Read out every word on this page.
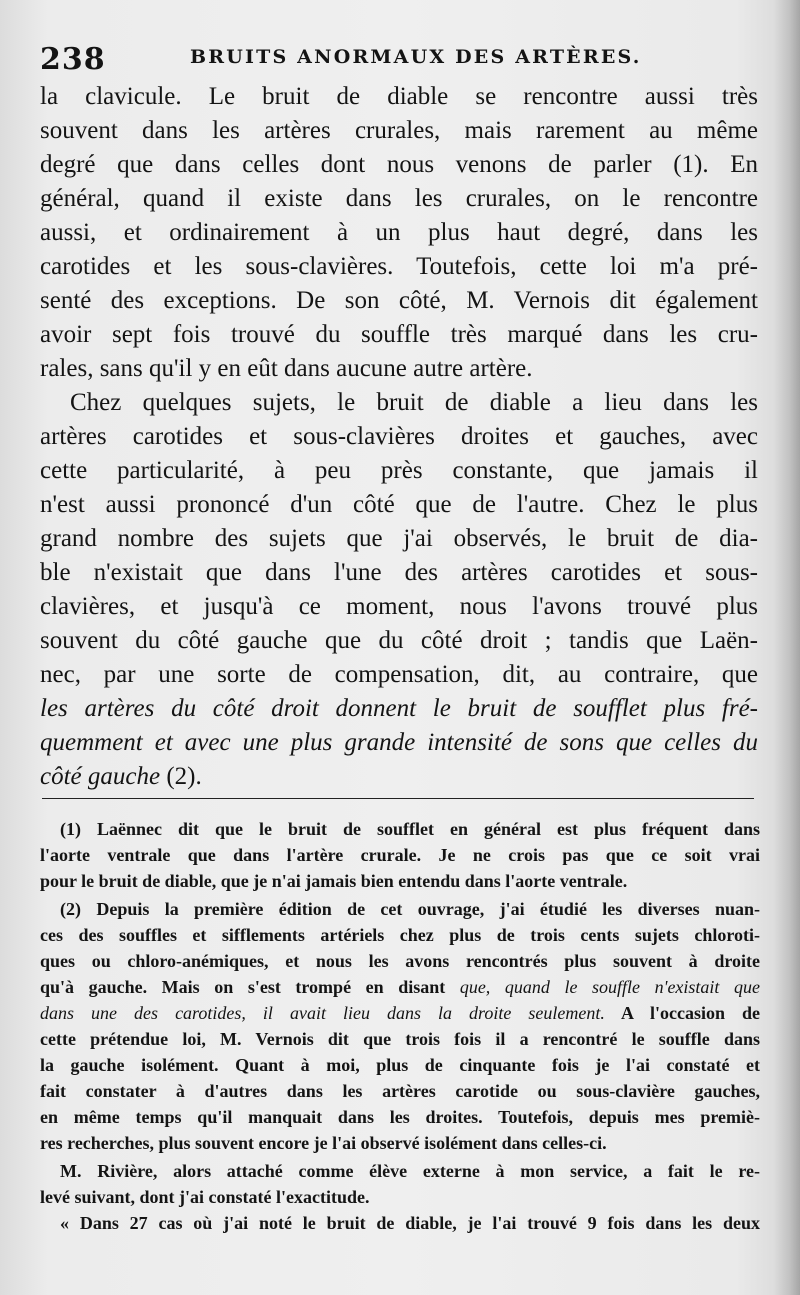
238	BRUITS ANORMAUX DES ARTÈRES.
la clavicule. Le bruit de diable se rencontre aussi très
souvent dans les artères crurales, mais rarement au même
degré que dans celles dont nous venons de parler (1). En
général, quand il existe dans les crurales, on le rencontre
aussi, et ordinairement à un plus haut degré, dans les
carotides et les sous-clavières. Toutefois, cette loi m'a pré-
senté des exceptions. De son côté, M. Vernois dit également
avoir sept fois trouvé du souffle très marqué dans les cru-
rales, sans qu'il y en eût dans aucune autre artère.
Chez quelques sujets, le bruit de diable a lieu dans les
artères carotides et sous-clavières droites et gauches, avec
cette particularité, à peu près constante, que jamais il
n'est aussi prononcé d'un côté que de l'autre. Chez le plus
grand nombre des sujets que j'ai observés, le bruit de dia-
ble n'existait que dans l'une des artères carotides et sous-
clavières, et jusqu'à ce moment, nous l'avons trouvé plus
souvent du côté gauche que du côté droit ; tandis que Laën-
nec, par une sorte de compensation, dit, au contraire, que
les artères du côté droit donnent le bruit de soufflet plus fré-
quemment et avec une plus grande intensité de sons que celles du
côté gauche (2).
(1) Laënnec dit que le bruit de soufflet en général est plus fréquent dans
l'aorte ventrale que dans l'artère crurale. Je ne crois pas que ce soit vrai
pour le bruit de diable, que je n'ai jamais bien entendu dans l'aorte ventrale.
(2) Depuis la première édition de cet ouvrage, j'ai étudié les diverses nuan-
ces des souffles et sifflements artériels chez plus de trois cents sujets chloroti-
ques ou chloro-anémiques, et nous les avons rencontrés plus souvent à droite
qu'à gauche. Mais on s'est trompé en disant que, quand le souffle n'existait que
dans une des carotides, il avait lieu dans la droite seulement. A l'occasion de
cette prétendue loi, M. Vernois dit que trois fois il a rencontré le souffle dans
la gauche isolément. Quant à moi, plus de cinquante fois je l'ai constaté et
fait constater à d'autres dans les artères carotide ou sous-clavière gauches,
en même temps qu'il manquait dans les droites. Toutefois, depuis mes premiè-
res recherches, plus souvent encore je l'ai observé isolément dans celles-ci.
M. Rivière, alors attaché comme élève externe à mon service, a fait le re-
levé suivant, dont j'ai constaté l'exactitude.
« Dans 27 cas où j'ai noté le bruit de diable, je l'ai trouvé 9 fois dans les deux
